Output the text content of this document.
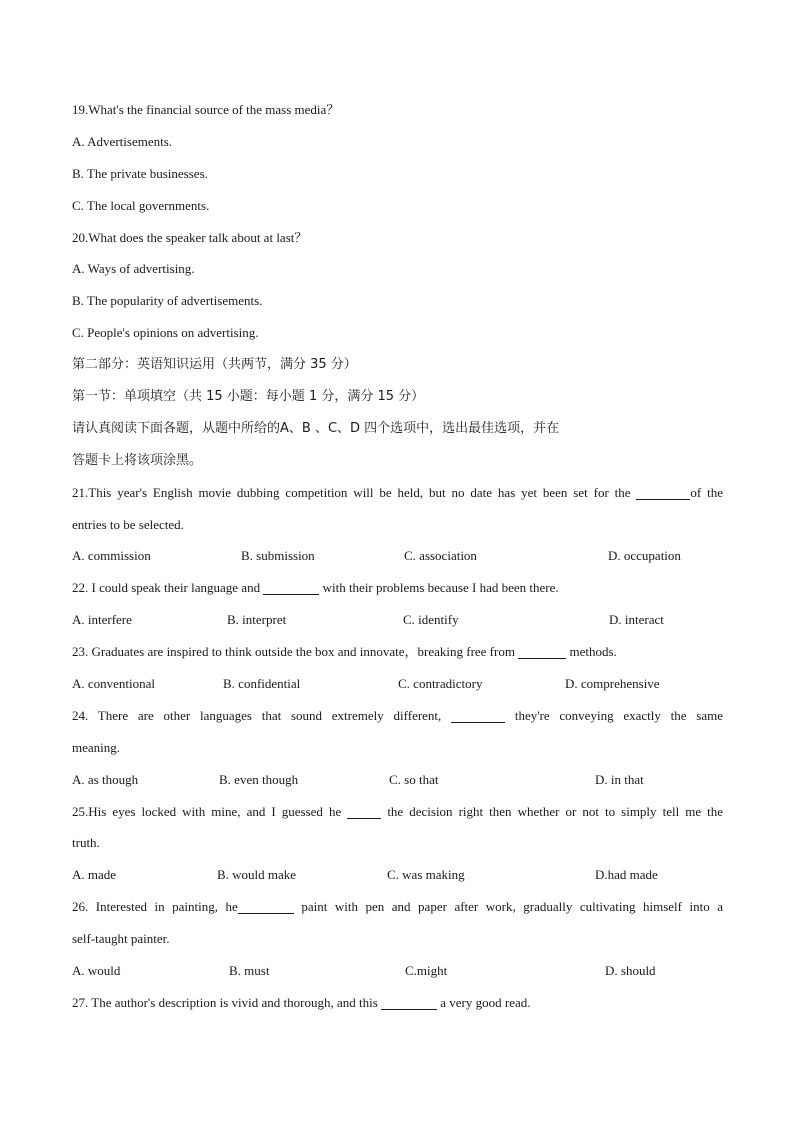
19.What's the financial source of the mass media？
A. Advertisements.
B. The private businesses.
C. The local governments.
20.What does the speaker talk about at last？
A. Ways of advertising.
B. The popularity of advertisements.
C. People's opinions on advertising.
第二部分：英语知识运用（共两节，满分 35 分）
第一节：单项填空（共 15 小题：每小题 1 分，满分 15 分）
请认真阅读下面各题，从题中所给的A、B 、C、D 四个选项中，选出最佳选项，并在
答题卡上将该项涂黑。
21.This year's English movie dubbing competition will be held, but no date has yet been set for the	of the
entries to be selected.
A. commission	B. submission	C. association	D. occupation
22. I could speak their language and	with their problems because I had been there.
A. interfere	B. interpret	C. identify	D. interact
23. Graduates are inspired to think outside the box and innovate，breaking free from	methods.
A. conventional	B. confidential	C. contradictory	D. comprehensive
24. There are other languages that sound extremely different,	they're conveying exactly the same
meaning.
A. as though	B. even though	C. so that	D. in that
25.His eyes locked with mine, and I guessed he	the decision right then whether or not to simply tell me the
truth.
A. made	B. would make	C. was making	D.had made
26. Interested in painting, he	paint with pen and paper after work, gradually cultivating himself into a
self-taught painter.
A. would	B. must	C.might	D. should
27. The author's description is vivid and thorough, and this	a very good read.
